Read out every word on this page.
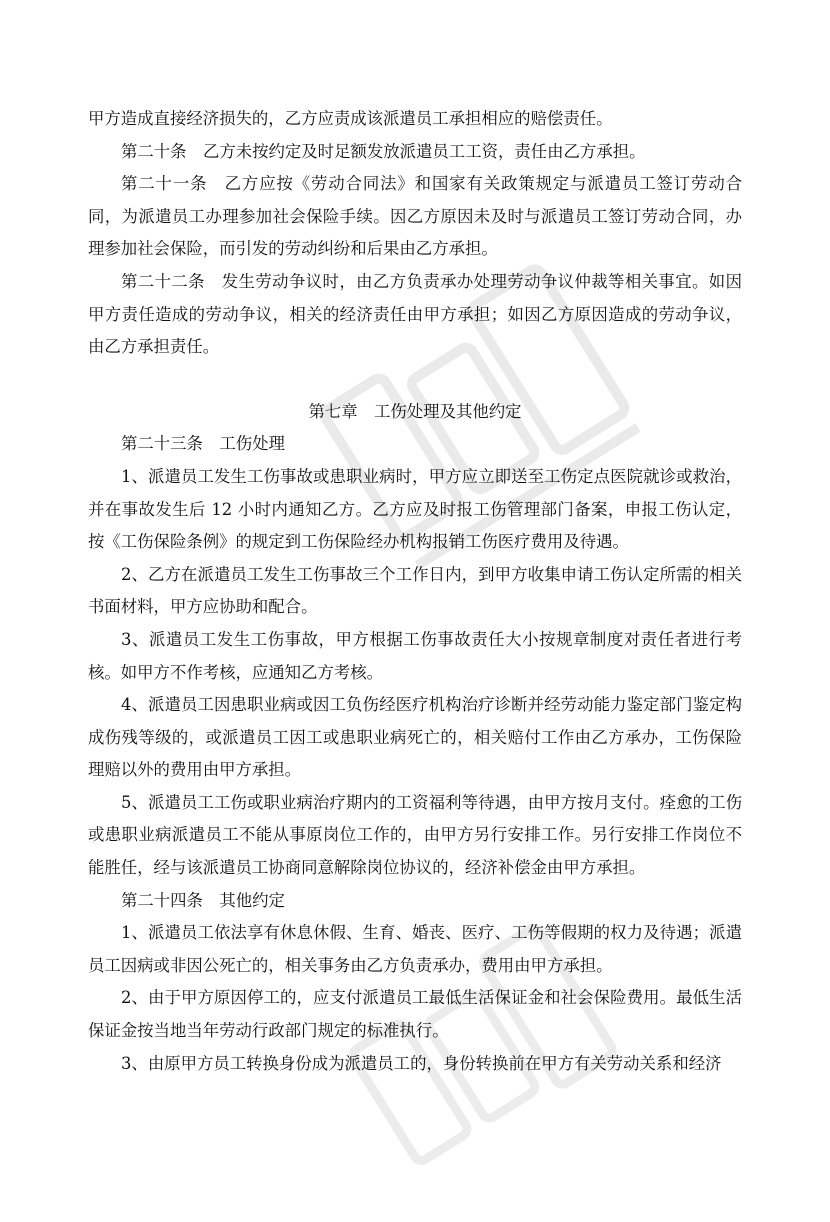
甲方造成直接经济损失的，乙方应责成该派遣员工承担相应的赔偿责任。

第二十条　乙方未按约定及时足额发放派遣员工工资，责任由乙方承担。

第二十一条　乙方应按《劳动合同法》和国家有关政策规定与派遣员工签订劳动合同，为派遣员工办理参加社会保险手续。因乙方原因未及时与派遣员工签订劳动合同，办理参加社会保险，而引发的劳动纠纷和后果由乙方承担。

第二十二条　发生劳动争议时，由乙方负责承办处理劳动争议仲裁等相关事宜。如因甲方责任造成的劳动争议，相关的经济责任由甲方承担；如因乙方原因造成的劳动争议，由乙方承担责任。

第七章　工伤处理及其他约定

第二十三条　工伤处理

1、派遣员工发生工伤事故或患职业病时，甲方应立即送至工伤定点医院就诊或救治，并在事故发生后 12 小时内通知乙方。乙方应及时报工伤管理部门备案，申报工伤认定，按《工伤保险条例》的规定到工伤保险经办机构报销工伤医疗费用及待遇。

2、乙方在派遣员工发生工伤事故三个工作日内，到甲方收集申请工伤认定所需的相关书面材料，甲方应协助和配合。

3、派遣员工发生工伤事故，甲方根据工伤事故责任大小按规章制度对责任者进行考核。如甲方不作考核，应通知乙方考核。

4、派遣员工因患职业病或因工负伤经医疗机构治疗诊断并经劳动能力鉴定部门鉴定构成伤残等级的，或派遣员工因工或患职业病死亡的，相关赔付工作由乙方承办，工伤保险理赔以外的费用由甲方承担。

5、派遣员工工伤或职业病治疗期内的工资福利等待遇，由甲方按月支付。痊愈的工伤或患职业病派遣员工不能从事原岗位工作的，由甲方另行安排工作。另行安排工作岗位不能胜任，经与该派遣员工协商同意解除岗位协议的，经济补偿金由甲方承担。

第二十四条　其他约定

1、派遣员工依法享有休息休假、生育、婚丧、医疗、工伤等假期的权力及待遇；派遣员工因病或非因公死亡的，相关事务由乙方负责承办，费用由甲方承担。

2、由于甲方原因停工的，应支付派遣员工最低生活保证金和社会保险费用。最低生活保证金按当地当年劳动行政部门规定的标准执行。

3、由原甲方员工转换身份成为派遣员工的，身份转换前在甲方有关劳动关系和经济
